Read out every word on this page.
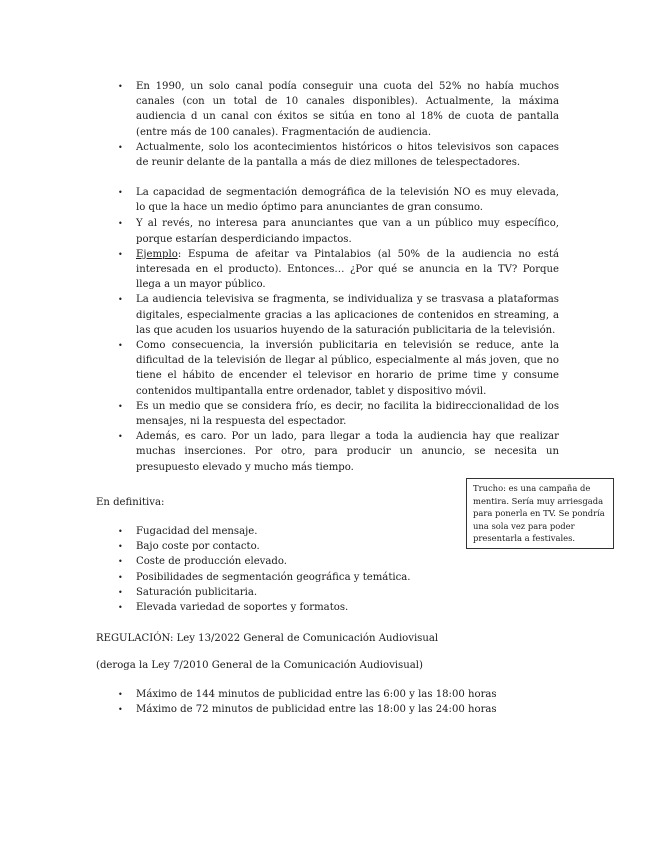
• En 1990, un solo canal podía conseguir una cuota del 52% no había muchos canales (con un total de 10 canales disponibles). Actualmente, la máxima audiencia d un canal con éxitos se sitúa en tono al 18% de cuota de pantalla (entre más de 100 canales). Fragmentación de audiencia.
• Actualmente, solo los acontecimientos históricos o hitos televisivos son capaces de reunir delante de la pantalla a más de diez millones de telespectadores.
• La capacidad de segmentación demográfica de la televisión NO es muy elevada, lo que la hace un medio óptimo para anunciantes de gran consumo.
• Y al revés, no interesa para anunciantes que van a un público muy específico, porque estarían desperdiciando impactos.
• Ejemplo: Espuma de afeitar va Pintalabios (al 50% de la audiencia no está interesada en el producto). Entonces… ¿Por qué se anuncia en la TV? Porque llega a un mayor público.
• La audiencia televisiva se fragmenta, se individualiza y se trasvasa a plataformas digitales, especialmente gracias a las aplicaciones de contenidos en streaming, a las que acuden los usuarios huyendo de la saturación publicitaria de la televisión.
• Como consecuencia, la inversión publicitaria en televisión se reduce, ante la dificultad de la televisión de llegar al público, especialmente al más joven, que no tiene el hábito de encender el televisor en horario de prime time y consume contenidos multipantalla entre ordenador, tablet y dispositivo móvil.
• Es un medio que se considera frío, es decir, no facilita la bidireccionalidad de los mensajes, ni la respuesta del espectador.
• Además, es caro. Por un lado, para llegar a toda la audiencia hay que realizar muchas inserciones. Por otro, para producir un anuncio, se necesita un presupuesto elevado y mucho más tiempo.
Trucho: es una campaña de mentira. Sería muy arriesgada para ponerla en TV. Se pondría una sola vez para poder presentarla a festivales.
En definitiva:
• Fugacidad del mensaje.
• Bajo coste por contacto.
• Coste de producción elevado.
• Posibilidades de segmentación geográfica y temática.
• Saturación publicitaria.
• Elevada variedad de soportes y formatos.
REGULACIÓN: Ley 13/2022 General de Comunicación Audiovisual
(deroga la Ley 7/2010 General de la Comunicación Audiovisual)
• Máximo de 144 minutos de publicidad entre las 6:00 y las 18:00 horas
• Máximo de 72 minutos de publicidad entre las 18:00 y las 24:00 horas
